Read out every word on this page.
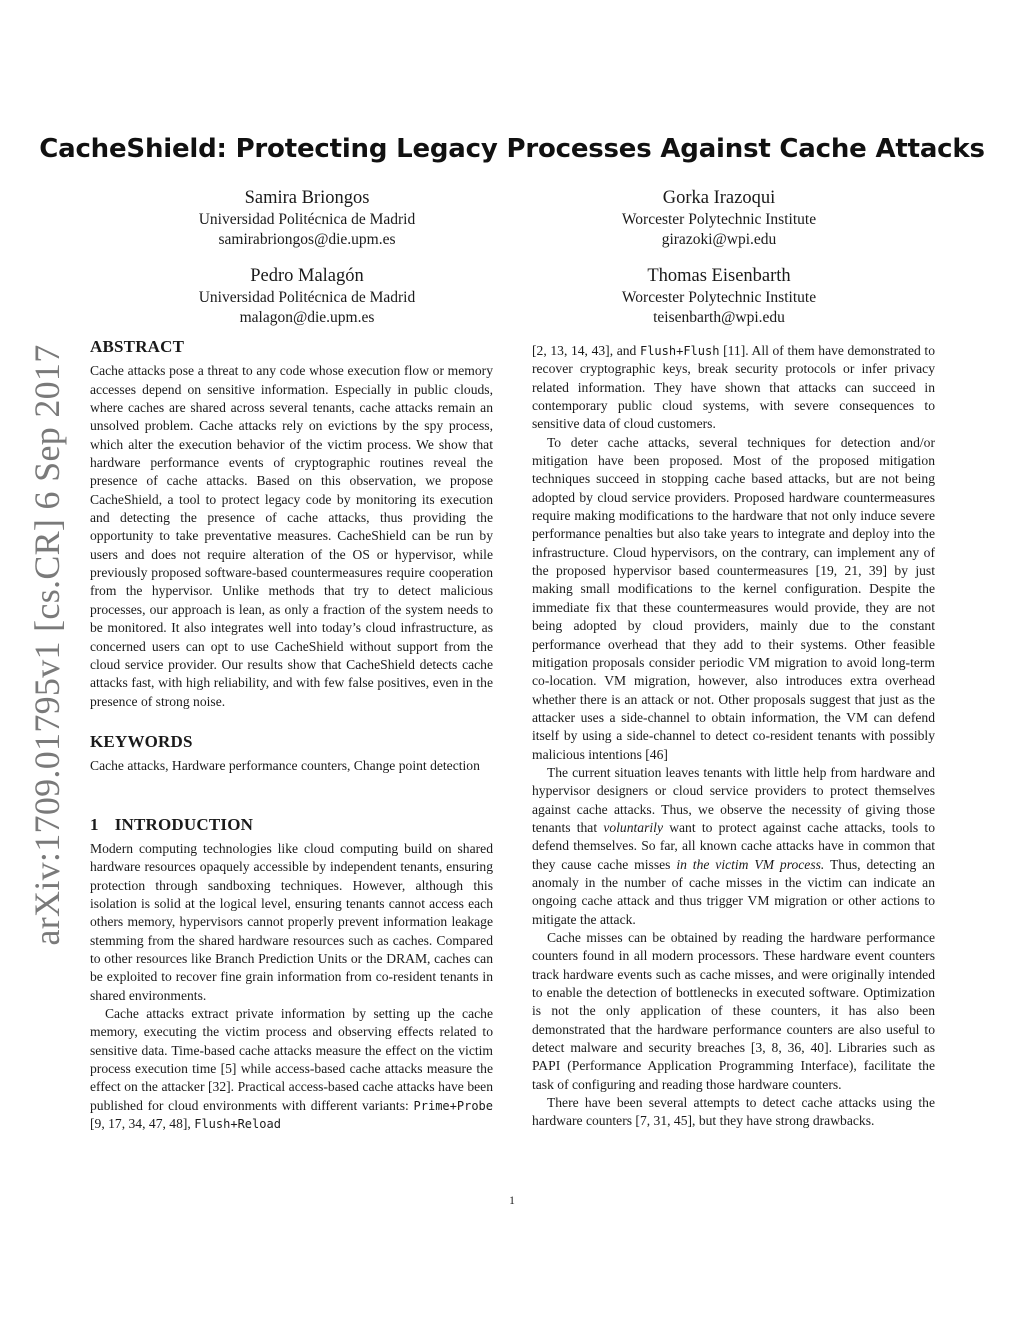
CacheShield: Protecting Legacy Processes Against Cache Attacks
Samira Briongos
Universidad Politécnica de Madrid
samirabriongos@die.upm.es
Gorka Irazoqui
Worcester Polytechnic Institute
girazoki@wpi.edu
Pedro Malagón
Universidad Politécnica de Madrid
malagon@die.upm.es
Thomas Eisenbarth
Worcester Polytechnic Institute
teisenbarth@wpi.edu
arXiv:1709.01795v1 [cs.CR] 6 Sep 2017 ABSTRACT

Cache attacks pose a threat to any code whose execution flow or memory accesses depend on sensitive information. Especially in public clouds, where caches are shared across several tenants, cache attacks remain an unsolved problem. Cache attacks rely on evictions by the spy process, which alter the execution behavior of the victim process. We show that hardware performance events of cryptographic routines reveal the presence of cache attacks. Based on this observation, we propose CacheShield, a tool to protect legacy code by monitoring its execution and detecting the presence of cache attacks, thus providing the opportunity to take preventative measures. CacheShield can be run by users and does not require alteration of the OS or hypervisor, while previously proposed software-based countermeasures require cooperation from the hypervisor. Unlike methods that try to detect malicious processes, our approach is lean, as only a fraction of the system needs to be monitored. It also integrates well into today’s cloud infrastructure, as concerned users can opt to use CacheShield without support from the cloud service provider. Our results show that CacheShield detects cache attacks fast, with high reliability, and with few false positives, even in the presence of strong noise.

KEYWORDS

Cache attacks, Hardware performance counters, Change point detection

1 INTRODUCTION

Modern computing technologies like cloud computing build on shared hardware resources opaquely accessible by independent tenants, ensuring protection through sandboxing techniques. However, although this isolation is solid at the logical level, ensuring tenants cannot access each others memory, hypervisors cannot properly prevent information leakage stemming from the shared hardware resources such as caches. Compared to other resources like Branch Prediction Units or the DRAM, caches can be exploited to recover fine grain information from co-resident tenants in shared environments.

Cache attacks extract private information by setting up the cache memory, executing the victim process and observing effects related to sensitive data. Time-based cache attacks measure the effect on the victim process execution time [5] while access-based cache attacks measure the effect on the attacker [32]. Practical access-based cache attacks have been published for cloud environments with different variants: Prime+Probe [9, 17, 34, 47, 48], Flush+Reload

[2, 13, 14, 43], and Flush+Flush [11]. All of them have demonstrated to recover cryptographic keys, break security protocols or infer privacy related information. They have shown that attacks can succeed in contemporary public cloud systems, with severe consequences to sensitive data of cloud customers.

To deter cache attacks, several techniques for detection and/or mitigation have been proposed. Most of the proposed mitigation techniques succeed in stopping cache based attacks, but are not being adopted by cloud service providers. Proposed hardware countermeasures require making modifications to the hardware that not only induce severe performance penalties but also take years to integrate and deploy into the infrastructure. Cloud hypervisors, on the contrary, can implement any of the proposed hypervisor based countermeasures [19, 21, 39] by just making small modifications to the kernel configuration. Despite the immediate fix that these countermeasures would provide, they are not being adopted by cloud providers, mainly due to the constant performance overhead that they add to their systems. Other feasible mitigation proposals consider periodic VM migration to avoid long-term co-location. VM migration, however, also introduces extra overhead whether there is an attack or not. Other proposals suggest that just as the attacker uses a side-channel to obtain information, the VM can defend itself by using a side-channel to detect co-resident tenants with possibly malicious intentions [46]

The current situation leaves tenants with little help from hardware and hypervisor designers or cloud service providers to protect themselves against cache attacks. Thus, we observe the necessity of giving those tenants that voluntarily want to protect against cache attacks, tools to defend themselves. So far, all known cache attacks have in common that they cause cache misses in the victim VM process. Thus, detecting an anomaly in the number of cache misses in the victim can indicate an ongoing cache attack and thus trigger VM migration or other actions to mitigate the attack.

Cache misses can be obtained by reading the hardware performance counters found in all modern processors. These hardware event counters track hardware events such as cache misses, and were originally intended to enable the detection of bottlenecks in executed software. Optimization is not the only application of these counters, it has also been demonstrated that the hardware performance counters are also useful to detect malware and security breaches [3, 8, 36, 40]. Libraries such as PAPI (Performance Application Programming Interface), facilitate the task of configuring and reading those hardware counters.

There have been several attempts to detect cache attacks using the hardware counters [7, 31, 45], but they have strong drawbacks.

1
